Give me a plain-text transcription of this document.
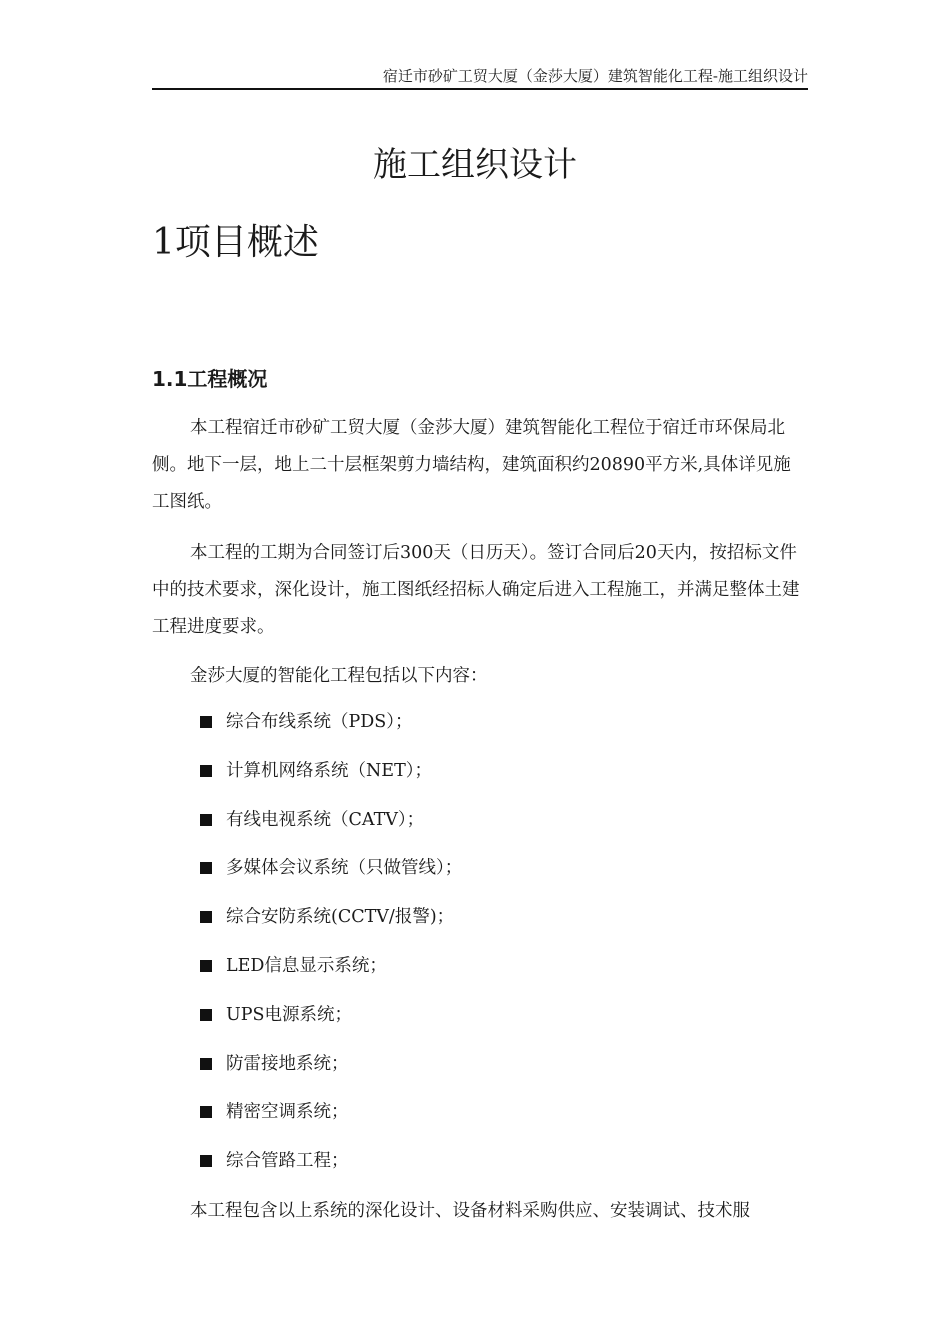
宿迁市砂矿工贸大厦（金莎大厦）建筑智能化工程-施工组织设计
施工组织设计
1项目概述
1.1工程概况

本工程宿迁市砂矿工贸大厦（金莎大厦）建筑智能化工程位于宿迁市环保局北侧。地下一层，地上二十层框架剪力墙结构，建筑面积约20890平方米,具体详见施工图纸。

本工程的工期为合同签订后300天（日历天）。签订合同后20天内，按招标文件中的技术要求，深化设计，施工图纸经招标人确定后进入工程施工，并满足整体土建工程进度要求。

金莎大厦的智能化工程包括以下内容：

综合布线系统（PDS）；
计算机网络系统（NET）；
有线电视系统（CATV）；
多媒体会议系统（只做管线）；
综合安防系统(CCTV/报警)；
LED信息显示系统；
UPS电源系统；
防雷接地系统；
精密空调系统；
综合管路工程；

本工程包含以上系统的深化设计、设备材料采购供应、安装调试、技术服
